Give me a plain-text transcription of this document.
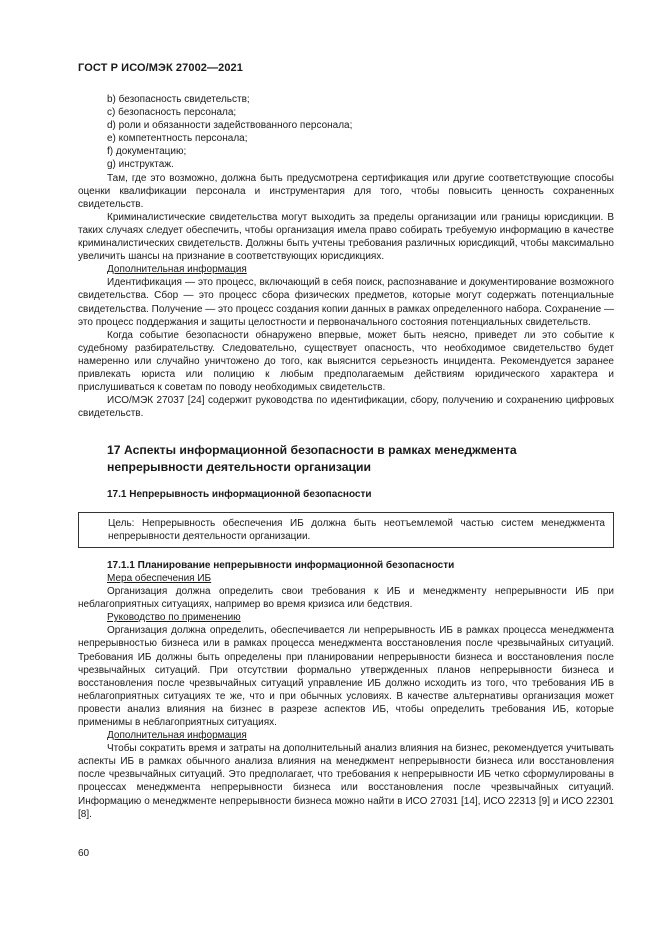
ГОСТ Р ИСО/МЭК 27002—2021

b) безопасность свидетельств;

c) безопасность персонала;

d) роли и обязанности задействованного персонала;

e) компетентность персонала;

f) документацию;

g) инструктаж.

Там, где это возможно, должна быть предусмотрена сертификация или другие соответствующие способы оценки квалификации персонала и инструментария для того, чтобы повысить ценность сохраненных свидетельств.

Криминалистические свидетельства могут выходить за пределы организации или границы юрисдикции. В таких случаях следует обеспечить, чтобы организация имела право собирать требуемую информацию в качестве криминалистических свидетельств. Должны быть учтены требования различных юрисдикций, чтобы максимально увеличить шансы на признание в соответствующих юрисдикциях.

Дополнительная информация

Идентификация — это процесс, включающий в себя поиск, распознавание и документирование возможного свидетельства. Сбор — это процесс сбора физических предметов, которые могут содержать потенциальные свидетельства. Получение — это процесс создания копии данных в рамках определенного набора. Сохранение — это процесс поддержания и защиты целостности и первоначального состояния потенциальных свидетельств.

Когда событие безопасности обнаружено впервые, может быть неясно, приведет ли это событие к судебному разбирательству. Следовательно, существует опасность, что необходимое свидетельство будет намеренно или случайно уничтожено до того, как выяснится серьезность инцидента. Рекомендуется заранее привлекать юриста или полицию к любым предполагаемым действиям юридического характера и прислушиваться к советам по поводу необходимых свидетельств.

ИСО/МЭК 27037 [24] содержит руководства по идентификации, сбору, получению и сохранению цифровых свидетельств.

17 Аспекты информационной безопасности в рамках менеджмента непрерывности деятельности организации
17.1 Непрерывность информационной безопасности
Цель: Непрерывность обеспечения ИБ должна быть неотъемлемой частью систем менеджмента непрерывности деятельности организации.
17.1.1 Планирование непрерывности информационной безопасности

Мера обеспечения ИБ

Организация должна определить свои требования к ИБ и менеджменту непрерывности ИБ при неблагоприятных ситуациях, например во время кризиса или бедствия.

Руководство по применению

Организация должна определить, обеспечивается ли непрерывность ИБ в рамках процесса менеджмента непрерывностью бизнеса или в рамках процесса менеджмента восстановления после чрезвычайных ситуаций. Требования ИБ должны быть определены при планировании непрерывности бизнеса и восстановления после чрезвычайных ситуаций. При отсутствии формально утвержденных планов непрерывности бизнеса и восстановления после чрезвычайных ситуаций управление ИБ должно исходить из того, что требования ИБ в неблагоприятных ситуациях те же, что и при обычных условиях. В качестве альтернативы организация может провести анализ влияния на бизнес в разрезе аспектов ИБ, чтобы определить требования ИБ, которые применимы в неблагоприятных ситуациях.

Дополнительная информация

Чтобы сократить время и затраты на дополнительный анализ влияния на бизнес, рекомендуется учитывать аспекты ИБ в рамках обычного анализа влияния на менеджмент непрерывности бизнеса или восстановления после чрезвычайных ситуаций. Это предполагает, что требования к непрерывности ИБ четко сформулированы в процессах менеджмента непрерывности бизнеса или восстановления после чрезвычайных ситуаций. Информацию о менеджменте непрерывности бизнеса можно найти в ИСО 27031 [14], ИСО 22313 [9] и ИСО 22301 [8].

60
